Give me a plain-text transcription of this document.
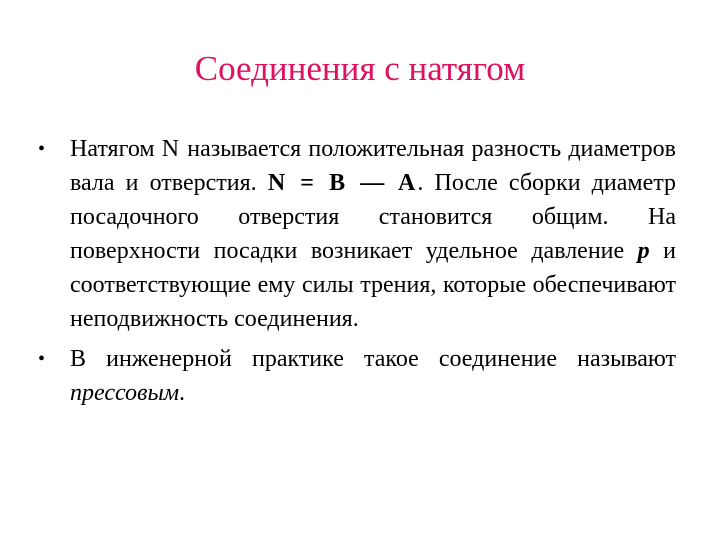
Соединения с натягом
• Натягом N называется положительная разность диаметров вала и отверстия. N = B — A. После сборки диаметр посадочного отверстия становится общим. На поверхности посадки возникает удельное давление p и соответствующие ему силы трения, которые обеспечивают неподвижность соединения.
• В инженерной практике такое соединение называют прессовым.
